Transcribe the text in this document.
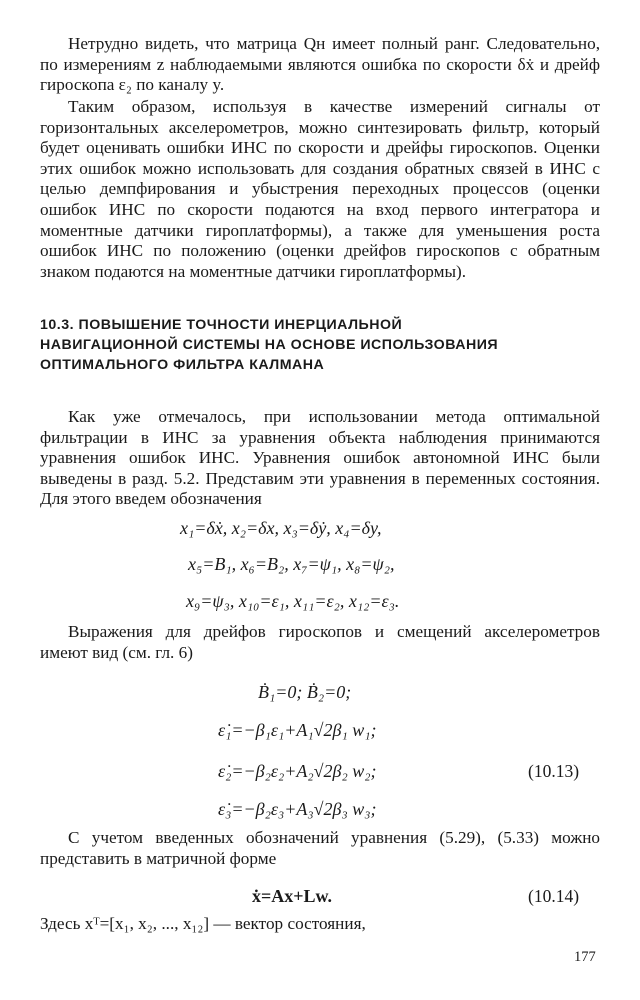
Нетрудно видеть, что матрица Qн имеет полный ранг. Следовательно, по измерениям z наблюдаемыми являются ошибка по скорости δẋ и дрейф гироскопа ε₂ по каналу y.

Таким образом, используя в качестве измерений сигналы от горизонтальных акселерометров, можно синтезировать фильтр, который будет оценивать ошибки ИНС по скорости и дрейфы гироскопов. Оценки этих ошибок можно использовать для создания обратных связей в ИНС с целью демпфирования и убыстрения переходных процессов (оценки ошибок ИНС по скорости подаются на вход первого интегратора и моментные датчики гироплатформы), а также для уменьшения роста ошибок ИНС по положению (оценки дрейфов гироскопов с обратным знаком подаются на моментные датчики гироплатформы).

10.3. ПОВЫШЕНИЕ ТОЧНОСТИ ИНЕРЦИАЛЬНОЙ
НАВИГАЦИОННОЙ СИСТЕМЫ НА ОСНОВЕ ИСПОЛЬЗОВАНИЯ
ОПТИМАЛЬНОГО ФИЛЬТРА КАЛМАНА

Как уже отмечалось, при использовании метода оптимальной фильтрации в ИНС за уравнения объекта наблюдения принимаются уравнения ошибок ИНС. Уравнения ошибок автономной ИНС были выведены в разд. 5.2. Представим эти уравнения в переменных состояния. Для этого введем обозначения

x₁=δẋ, x₂=δx, x₃=δẏ, x₄=δy,
x₅=B₁, x₆=B₂, x₇=ψ₁, x₈=ψ₂,
x₉=ψ₃, x₁₀=ε₁, x₁₁=ε₂, x₁₂=ε₃.

Выражения для дрейфов гироскопов и смещений акселерометров имеют вид (см. гл. 6)

Ḃ₁=0; Ḃ₂=0;
ε̇₁=−β₁ε₁+A₁√2β₁ w₁;
ε̇₂=−β₂ε₂+A₂√2β₂ w₂;
ε̇₃=−β₂ε₃+A₃√2β₃ w₃;
(10.13)

С учетом введенных обозначений уравнения (5.29), (5.33) можно представить в матричной форме

ẋ=Ax+Lw.	(10.14)

Здесь xᵀ=[x₁, x₂, ..., x₁₂] — вектор состояния,

177
